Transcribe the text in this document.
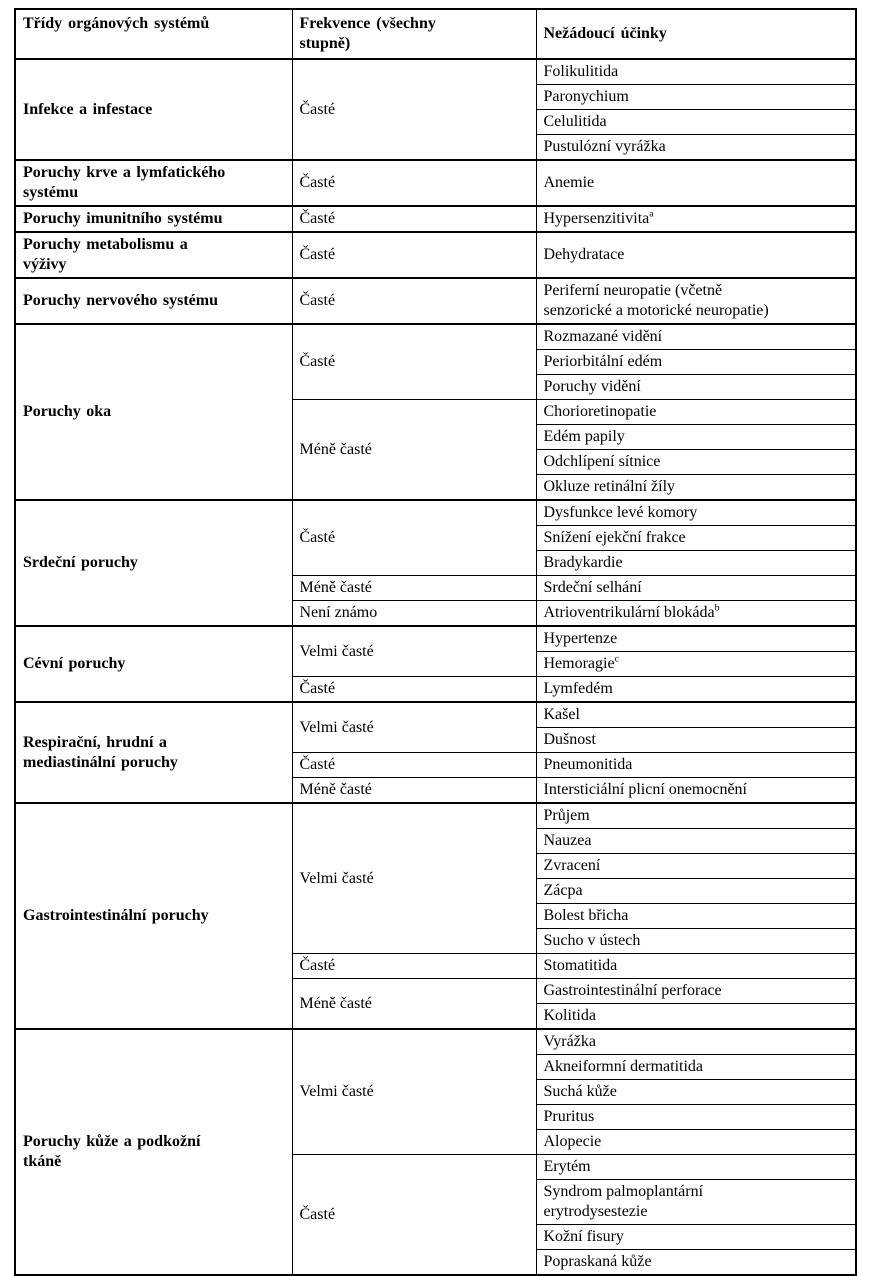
Třídy orgánových systémů	Frekvence (všechny stupně)	Nežádoucí účinky
Infekce a infestace	Časté	Folikulitida
		Paronychium
		Celulitida
		Pustulózní vyrážka
Poruchy krve a lymfatického systému	Časté	Anemie
Poruchy imunitního systému	Časté	Hypersenzitivita$^a$
Poruchy metabolismu a výživy	Časté	Dehydratace
Poruchy nervového systému	Časté	Periferní neuropatie (včetně senzorické a motorické neuropatie)
Poruchy oka	Časté	Rozmazané vidění
		Periorbitální edém
		Poruchy vidění
	Méně časté	Chorioretinopatie
		Edém papily
		Odchlípení sítnice
		Okluze retinální žíly
Srdeční poruchy	Časté	Dysfunkce levé komory
		Snížení ejekční frakce
		Bradykardie
	Méně časté	Srdeční selhání
	Není známo	Atrioventrikulární blokáda$^b$
Cévní poruchy	Velmi časté	Hypertenze
		Hemoragie$^c$
	Časté	Lymfedém
Respirační, hrudní a mediastinální poruchy	Velmi časté	Kašel
		Dušnost
	Časté	Pneumonitida
	Méně časté	Intersticiální plicní onemocnění
Gastrointestinální poruchy	Velmi časté	Průjem
		Nauzea
		Zvracení
		Zácpa
		Bolest břicha
		Sucho v ústech
	Časté	Stomatitida
	Méně časté	Gastrointestinální perforace
		Kolitida
Poruchy kůže a podkožní tkáně	Velmi časté	Vyrážka
		Akneiformní dermatitida
		Suchá kůže
		Pruritus
		Alopecie
	Časté	Erytém
		Syndrom palmoplantární erytrodysestezie
		Kožní fisury
		Popraskaná kůže
